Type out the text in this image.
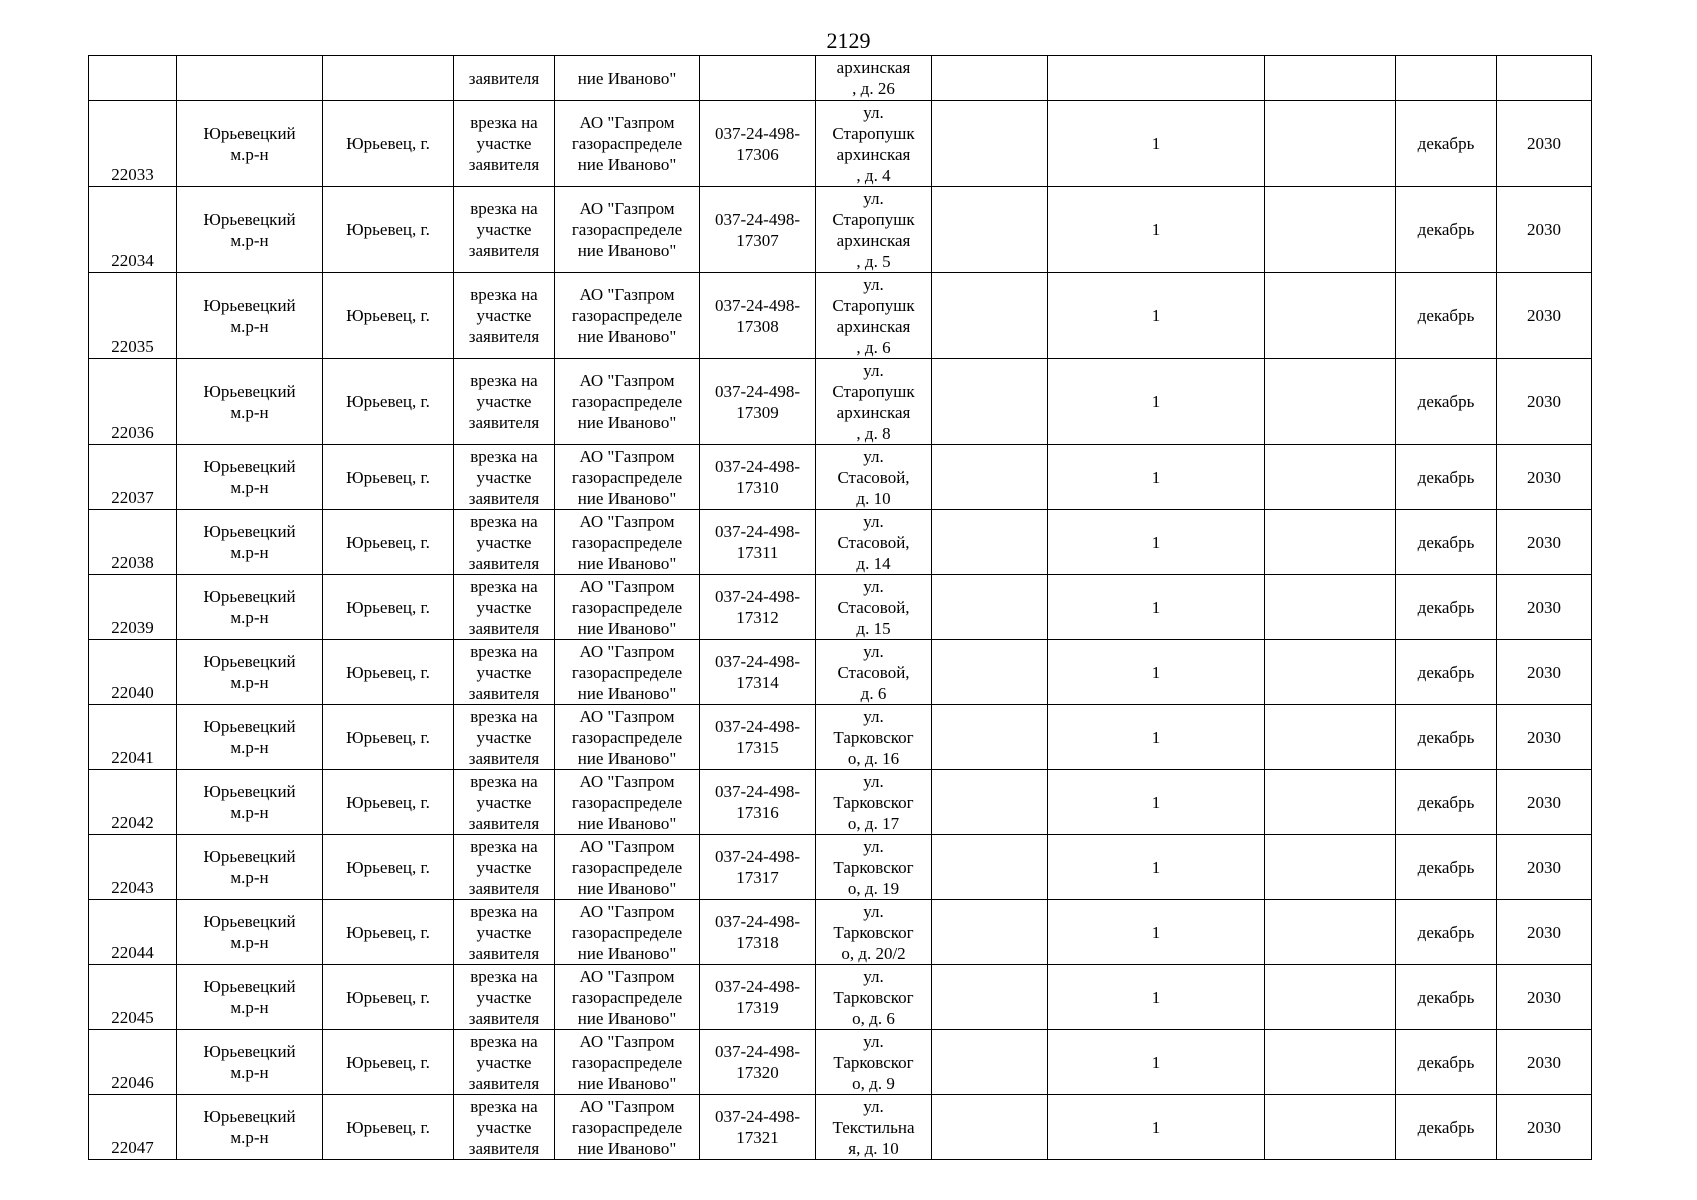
2129
			заявителя	ние Иваново"		архинская
, д. 26					
22033	Юрьевецкий
м.р-н	Юрьевец, г.	врезка на
участке
заявителя	АО "Газпром
газораспределе
ние Иваново"	037-24-498-
17306	ул.
Старопушк
архинская
, д. 4		1		декабрь	2030
22034	Юрьевецкий
м.р-н	Юрьевец, г.	врезка на
участке
заявителя	АО "Газпром
газораспределе
ние Иваново"	037-24-498-
17307	ул.
Старопушк
архинская
, д. 5		1		декабрь	2030
22035	Юрьевецкий
м.р-н	Юрьевец, г.	врезка на
участке
заявителя	АО "Газпром
газораспределе
ние Иваново"	037-24-498-
17308	ул.
Старопушк
архинская
, д. 6		1		декабрь	2030
22036	Юрьевецкий
м.р-н	Юрьевец, г.	врезка на
участке
заявителя	АО "Газпром
газораспределе
ние Иваново"	037-24-498-
17309	ул.
Старопушк
архинская
, д. 8		1		декабрь	2030
22037	Юрьевецкий
м.р-н	Юрьевец, г.	врезка на
участке
заявителя	АО "Газпром
газораспределе
ние Иваново"	037-24-498-
17310	ул.
Стасовой,
д. 10		1		декабрь	2030
22038	Юрьевецкий
м.р-н	Юрьевец, г.	врезка на
участке
заявителя	АО "Газпром
газораспределе
ние Иваново"	037-24-498-
17311	ул.
Стасовой,
д. 14		1		декабрь	2030
22039	Юрьевецкий
м.р-н	Юрьевец, г.	врезка на
участке
заявителя	АО "Газпром
газораспределе
ние Иваново"	037-24-498-
17312	ул.
Стасовой,
д. 15		1		декабрь	2030
22040	Юрьевецкий
м.р-н	Юрьевец, г.	врезка на
участке
заявителя	АО "Газпром
газораспределе
ние Иваново"	037-24-498-
17314	ул.
Стасовой,
д. 6		1		декабрь	2030
22041	Юрьевецкий
м.р-н	Юрьевец, г.	врезка на
участке
заявителя	АО "Газпром
газораспределе
ние Иваново"	037-24-498-
17315	ул.
Тарковског
о, д. 16		1		декабрь	2030
22042	Юрьевецкий
м.р-н	Юрьевец, г.	врезка на
участке
заявителя	АО "Газпром
газораспределе
ние Иваново"	037-24-498-
17316	ул.
Тарковског
о, д. 17		1		декабрь	2030
22043	Юрьевецкий
м.р-н	Юрьевец, г.	врезка на
участке
заявителя	АО "Газпром
газораспределе
ние Иваново"	037-24-498-
17317	ул.
Тарковског
о, д. 19		1		декабрь	2030
22044	Юрьевецкий
м.р-н	Юрьевец, г.	врезка на
участке
заявителя	АО "Газпром
газораспределе
ние Иваново"	037-24-498-
17318	ул.
Тарковског
о, д. 20/2		1		декабрь	2030
22045	Юрьевецкий
м.р-н	Юрьевец, г.	врезка на
участке
заявителя	АО "Газпром
газораспределе
ние Иваново"	037-24-498-
17319	ул.
Тарковског
о, д. 6		1		декабрь	2030
22046	Юрьевецкий
м.р-н	Юрьевец, г.	врезка на
участке
заявителя	АО "Газпром
газораспределе
ние Иваново"	037-24-498-
17320	ул.
Тарковског
о, д. 9		1		декабрь	2030
22047	Юрьевецкий
м.р-н	Юрьевец, г.	врезка на
участке
заявителя	АО "Газпром
газораспределе
ние Иваново"	037-24-498-
17321	ул.
Текстильна
я, д. 10		1		декабрь	2030
